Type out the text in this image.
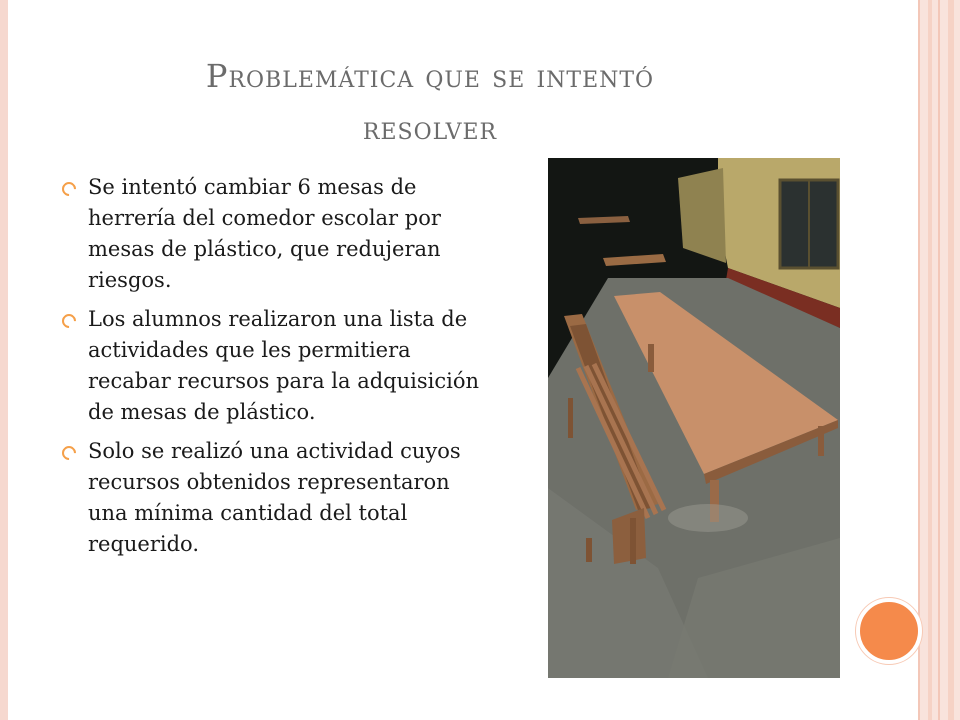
Problemática que se intentó
resolver
Se intentó cambiar 6 mesas de herrería del comedor escolar por mesas de plástico, que redujeran riesgos.
Los alumnos realizaron una lista de actividades que les permitiera recabar recursos para la adquisición de mesas de plástico.
Solo se realizó una actividad cuyos recursos obtenidos representaron una mínima cantidad del total requerido.
